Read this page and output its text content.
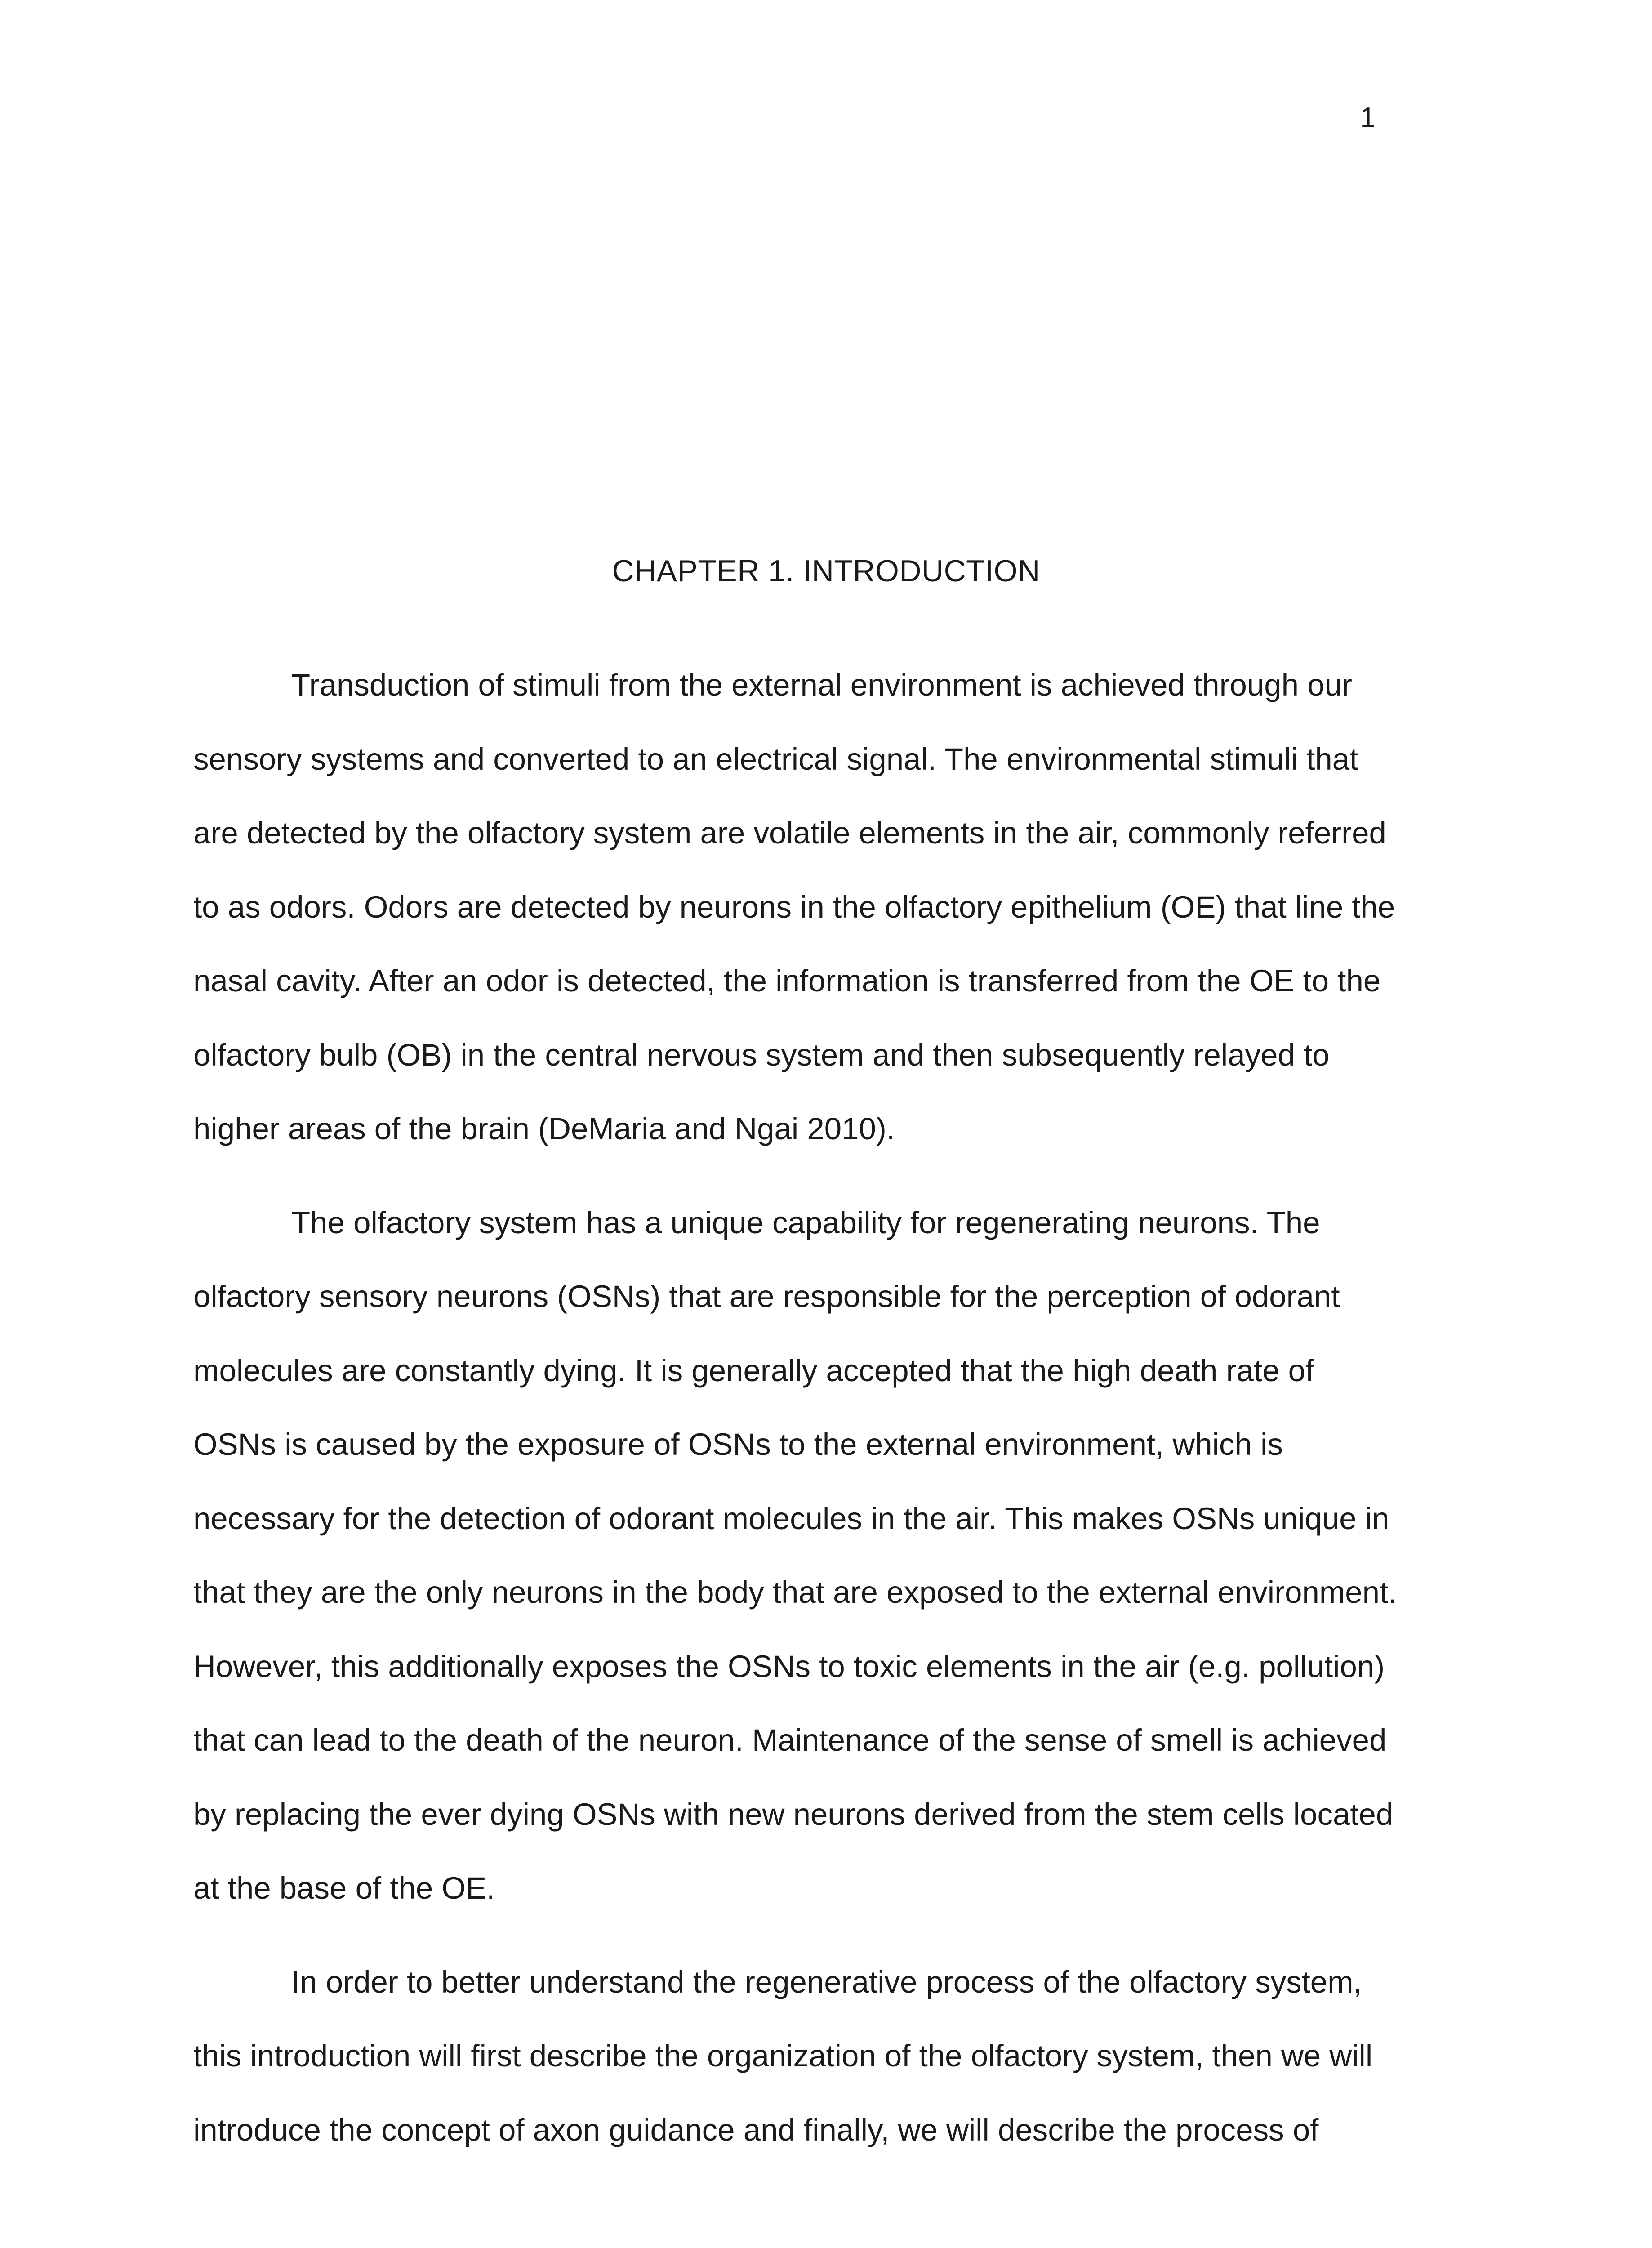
1
CHAPTER 1. INTRODUCTION

Transduction of stimuli from the external environment is achieved through our
sensory systems and converted to an electrical signal. The environmental stimuli that
are detected by the olfactory system are volatile elements in the air, commonly referred
to as odors. Odors are detected by neurons in the olfactory epithelium (OE) that line the
nasal cavity. After an odor is detected, the information is transferred from the OE to the
olfactory bulb (OB) in the central nervous system and then subsequently relayed to
higher areas of the brain (DeMaria and Ngai 2010).

The olfactory system has a unique capability for regenerating neurons. The
olfactory sensory neurons (OSNs) that are responsible for the perception of odorant
molecules are constantly dying. It is generally accepted that the high death rate of
OSNs is caused by the exposure of OSNs to the external environment, which is
necessary for the detection of odorant molecules in the air. This makes OSNs unique in
that they are the only neurons in the body that are exposed to the external environment.
However, this additionally exposes the OSNs to toxic elements in the air (e.g. pollution)
that can lead to the death of the neuron. Maintenance of the sense of smell is achieved
by replacing the ever dying OSNs with new neurons derived from the stem cells located
at the base of the OE.

In order to better understand the regenerative process of the olfactory system,
this introduction will first describe the organization of the olfactory system, then we will
introduce the concept of axon guidance and finally, we will describe the process of
